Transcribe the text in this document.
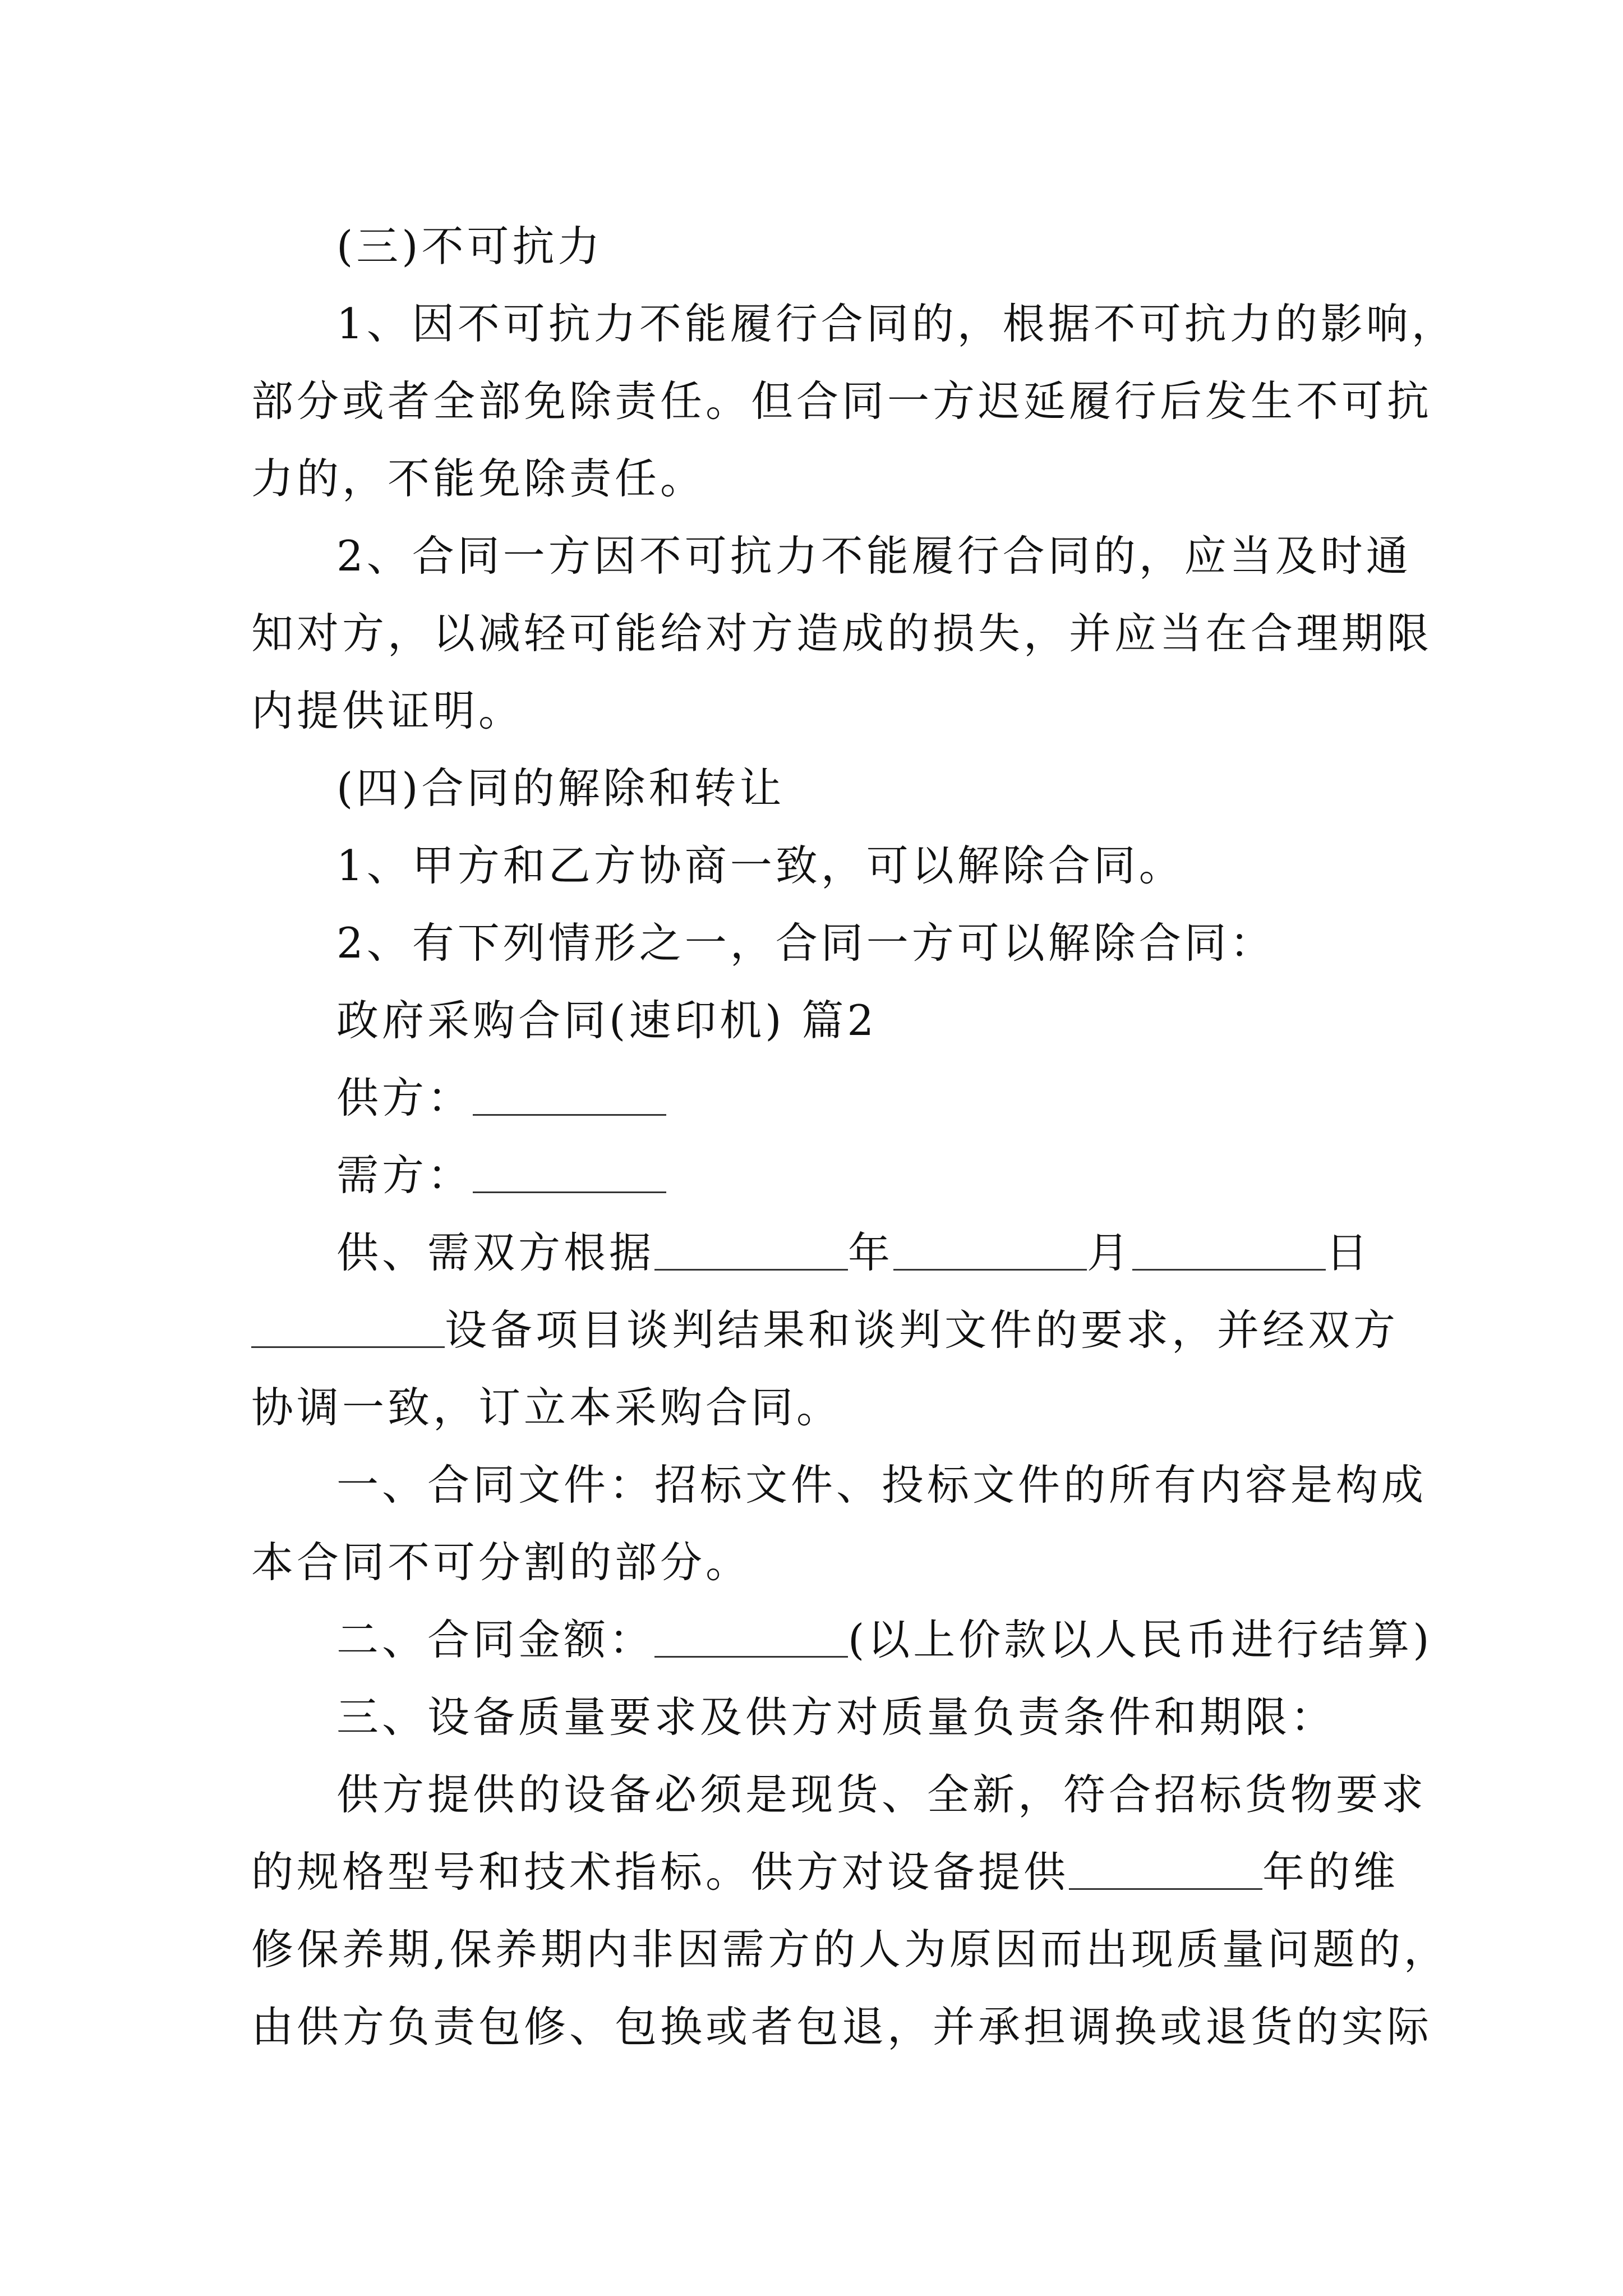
(三)不可抗力
1、因不可抗力不能履行合同的，根据不可抗力的影响，
部分或者全部免除责任。但合同一方迟延履行后发生不可抗
力的，不能免除责任。
2、合同一方因不可抗力不能履行合同的，应当及时通
知对方，以减轻可能给对方造成的损失，并应当在合理期限
内提供证明。
(四)合同的解除和转让
1、甲方和乙方协商一致，可以解除合同。
2、有下列情形之一，合同一方可以解除合同：
政府采购合同(速印机) 篇2
供方：
需方：
供、需双方根据	年	月	日
设备项目谈判结果和谈判文件的要求，并经双方
协调一致，订立本采购合同。
一、合同文件：招标文件、投标文件的所有内容是构成
本合同不可分割的部分。
二、合同金额：	(以上价款以人民币进行结算)
三、设备质量要求及供方对质量负责条件和期限：
供方提供的设备必须是现货、全新，符合招标货物要求
的规格型号和技术指标。供方对设备提供	年的维
修保养期,保养期内非因需方的人为原因而出现质量问题的，
由供方负责包修、包换或者包退，并承担调换或退货的实际
